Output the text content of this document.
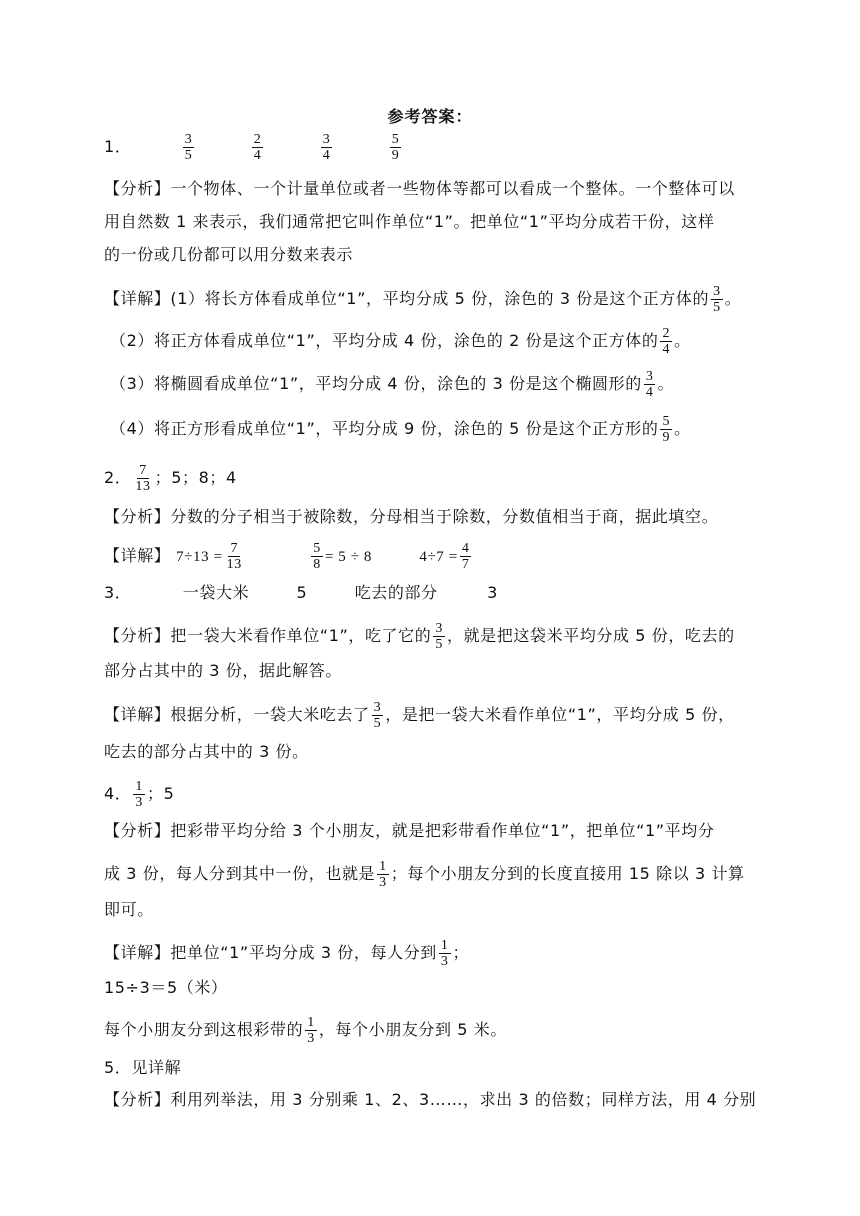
参考答案：
1．	$\frac{3}{5}$
	$\frac{2}{4}$
	$\frac{3}{4}$
	$\frac{5}{9}$
【分析】一个物体、一个计量单位或者一些物体等都可以看成一个整体。一个整体可以
用自然数 1 来表示，我们通常把它叫作单位“1”。把单位“1”平均分成若干份，这样
的一份或几份都可以用分数来表示
【详解】(1）将长方体看成单位“1”，平均分成 5 份，涂色的 3 份是这个正方体的 $\frac{3}{5}$ 。
（2）将正方体看成单位“1”，平均分成 4 份，涂色的 2 份是这个正方体的 $\frac{2}{4}$ 。
（3）将椭圆看成单位“1”，平均分成 4 份，涂色的 3 份是这个椭圆形的 $\frac{3}{4}$ 。
（4）将正方形看成单位“1”，平均分成 9 份，涂色的 5 份是这个正方形的 $\frac{5}{9}$ 。
2． $\frac{7}{13}$ ；5；8；4
【分析】分数的分子相当于被除数，分母相当于除数，分数值相当于商，据此填空。
【详解】 $7\div 13 = \frac{7}{13}$
	$\frac{5}{8} = 5 \div 8$	$4\div 7 = \frac{4}{7}$
3．	一袋大米	5	吃去的部分	3
【分析】把一袋大米看作单位“1”，吃了它的 $\frac{3}{5}$ ，就是把这袋米平均分成 5 份，吃去的
部分占其中的 3 份，据此解答。
【详解】根据分析，一袋大米吃去了 $\frac{3}{5}$ ，是把一袋大米看作单位“1”，平均分成 5 份，
吃去的部分占其中的 3 份。
4． $\frac{1}{3}$ ；5
【分析】把彩带平均分给 3 个小朋友，就是把彩带看作单位“1”，把单位“1”平均分
成 3 份，每人分到其中一份，也就是 $\frac{1}{3}$ ；每个小朋友分到的长度直接用 15 除以 3 计算
即可。
【详解】把单位“1”平均分成 3 份，每人分到 $\frac{1}{3}$ ；
15÷3＝5（米）
每个小朋友分到这根彩带的 $\frac{1}{3}$ ，每个小朋友分到 5 米。
5．见详解
【分析】利用列举法，用 3 分别乘 1、2、3……，求出 3 的倍数；同样方法，用 4 分别
